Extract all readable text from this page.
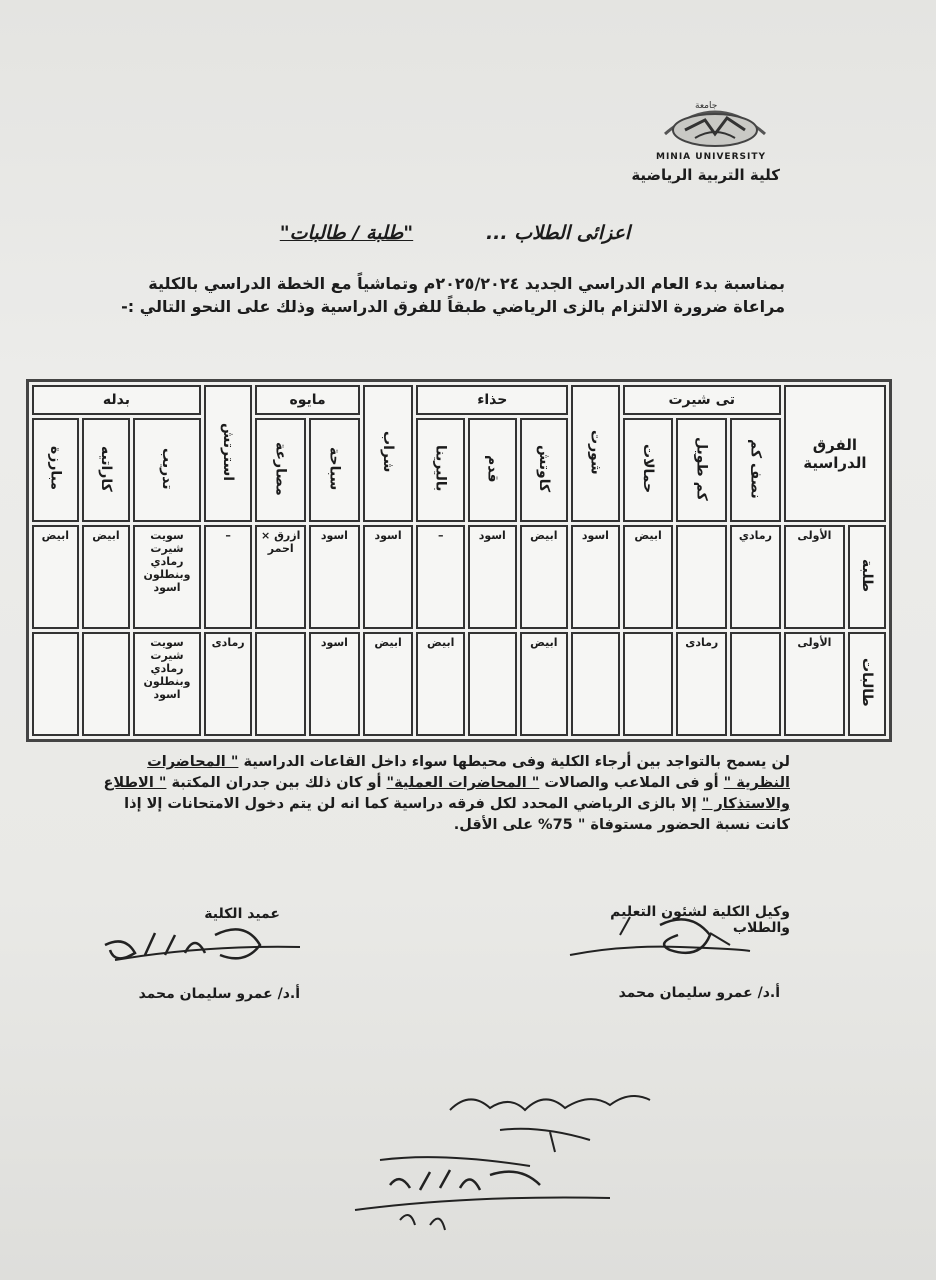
جامعة
MINIA UNIVERSITY
كلية التربية الرياضية
اعزائى الطلاب ...           "طلبة / طالبات"
بمناسبة بدء العام الدراسي الجديد ٢٠٢٥/٢٠٢٤م وتماشياً مع الخطة الدراسي بالكلية مراعاة ضرورة الالتزام بالزى الرياضي طبقاً للفرق الدراسية وذلك على النحو التالي :-
الفرق الدراسية		تى شيرت			شورت	حذاء			شراب	مايوه		استرتش	بدله		
		نصف كم	كم طويل	حمالات		كاوتش	قدم	باليرينا		سباحة	مصارعة		تدريب	كاراتيه	مبارزة
طلبة	الأولى	رمادي		ابيض	اسود	ابيض	اسود	–	اسود	اسود	ازرق × احمر	–	سويت شيرت رمادي وبنطلون اسود	ابيض	ابيض
طالبات	الأولى		رمادى			ابيض		ابيض	ابيض	اسود		رمادى	سويت شيرت رمادي وبنطلون اسود		
لن يسمح بالتواجد بين أرجاء الكلية وفى محيطها سواء داخل القاعات الدراسية " المحاضرات النظرية " أو فى الملاعب والصالات " المحاضرات العملية" أو كان ذلك بين جدران المكتبة " الاطلاع والاستذكار " إلا بالزى الرياضي المحدد لكل فرقه دراسية كما انه لن يتم دخول الامتحانات إلا إذا كانت نسبة الحضور مستوفاة " 75% على الأقل.
وكيل الكلية لشئون التعليم والطلاب
أ.د/ عمرو سليمان محمد
عميد الكلية
أ.د/ عمرو سليمان محمد
